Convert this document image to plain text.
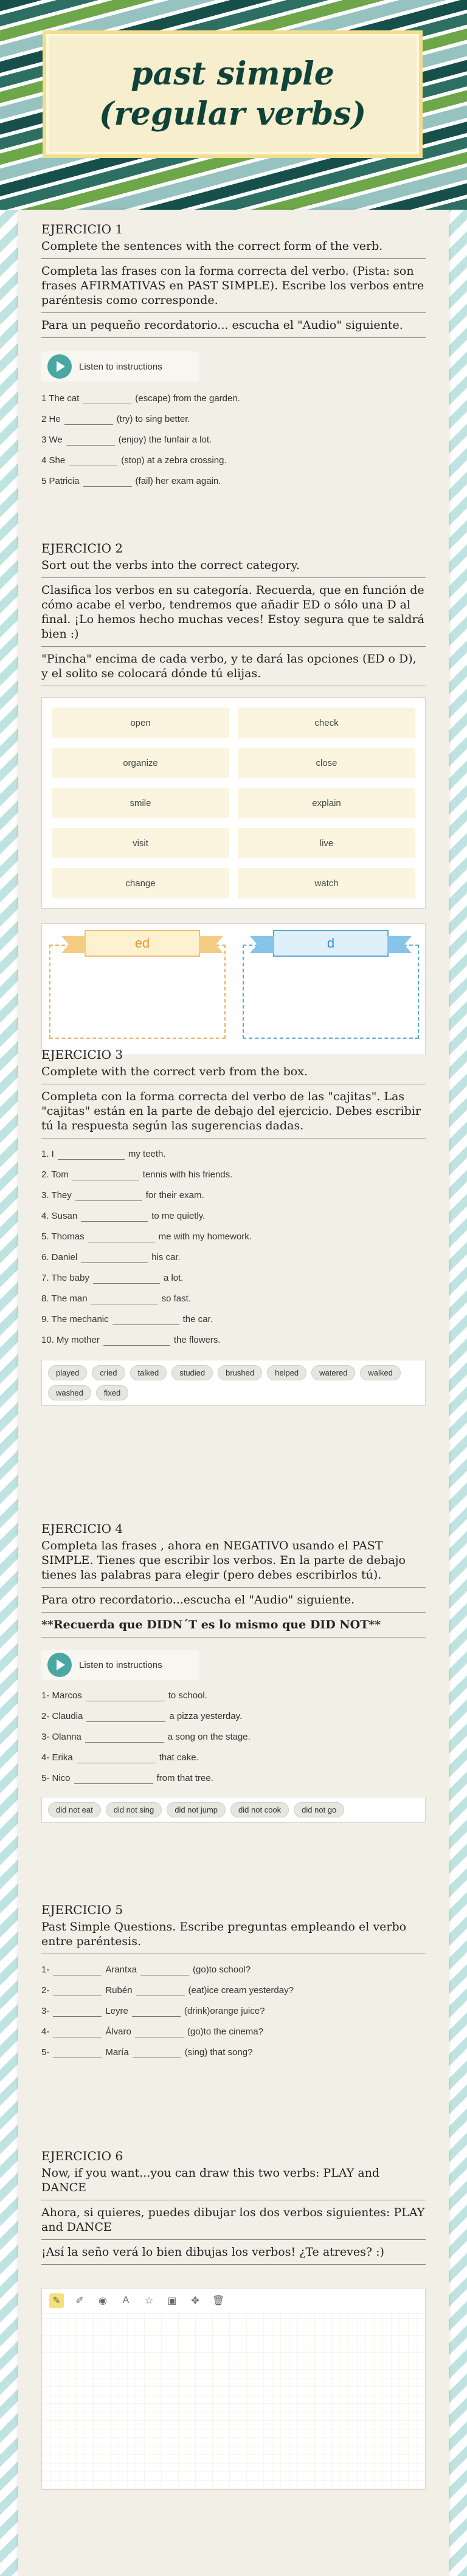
past simple (regular verbs)
EJERCICIO 1

Complete the sentences with the correct form of the verb.

Completa las frases con la forma correcta del verbo. (Pista: son frases AFIRMATIVAS en PAST SIMPLE). Escribe los verbos entre paréntesis como corresponde.

Para un pequeño recordatorio... escucha el "Audio" siguiente.

Listen to instructions
1 The cat	(escape) from the garden.
2 He	(try) to sing better.
3 We	(enjoy) the funfair a lot.
4 She	(stop) at a zebra crossing.
5 Patricia	(fail) her exam again.
EJERCICIO 2

Sort out the verbs into the correct category.

Clasifica los verbos en su categoría. Recuerda, que en función de cómo acabe el verbo, tendremos que añadir ED o sólo una D al final. ¡Lo hemos hecho muchas veces! Estoy segura que te saldrá bien :)

"Pincha" encima de cada verbo, y te dará las opciones (ED o D), y el solito se colocará dónde tú elijas.

open	check
organize	close
smile	explain
visit	live
change	watch
ed	d
EJERCICIO 3

Complete with the correct verb from the box.

Completa con la forma correcta del verbo de las "cajitas". Las "cajitas" están en la parte de debajo del ejercicio. Debes escribir tú la respuesta según las sugerencias dadas.

1. I	my teeth.
2. Tom	tennis with his friends.
3. They	for their exam.
4. Susan	to me quietly.
5. Thomas	me with my homework.
6. Daniel	his car.
7. The baby	a lot.
8. The man	so fast.
9. The mechanic	the car.
10. My mother	the flowers.
played	cried	talked	studied	brushed	helped	watered	walked
washed	fixed
EJERCICIO 4

Completa las frases , ahora en NEGATIVO usando el PAST SIMPLE. Tienes que escribir los verbos. En la parte de debajo tienes las palabras para elegir (pero debes escribirlos tú).

Para otro recordatorio...escucha el "Audio" siguiente.

**Recuerda que DIDN´T es lo mismo que DID NOT**

Listen to instructions
1- Marcos	to school.
2- Claudia	a pizza yesterday.
3- Olanna	a song on the stage.
4- Erika	that cake.
5- Nico	from that tree.
did not eat	did not sing	did not jump	did not cook	did not go
EJERCICIO 5

Past Simple Questions. Escribe preguntas empleando el verbo entre paréntesis.

1-	Arantxa	(go)to school?
2-	Rubén	(eat)ice cream yesterday?
3-	Leyre	(drink)orange juice?
4-	Álvaro	(go)to the cinema?
5-	María	(sing) that song?
EJERCICIO 6

Now, if you want...you can draw this two verbs: PLAY and DANCE

Ahora, si quieres, puedes dibujar los dos verbos siguientes: PLAY and DANCE

¡Así la seño verá lo bien dibujas los verbos! ¿Te atreves? :)

✎	✐	◉	A	☆	▣	✥	🗑
